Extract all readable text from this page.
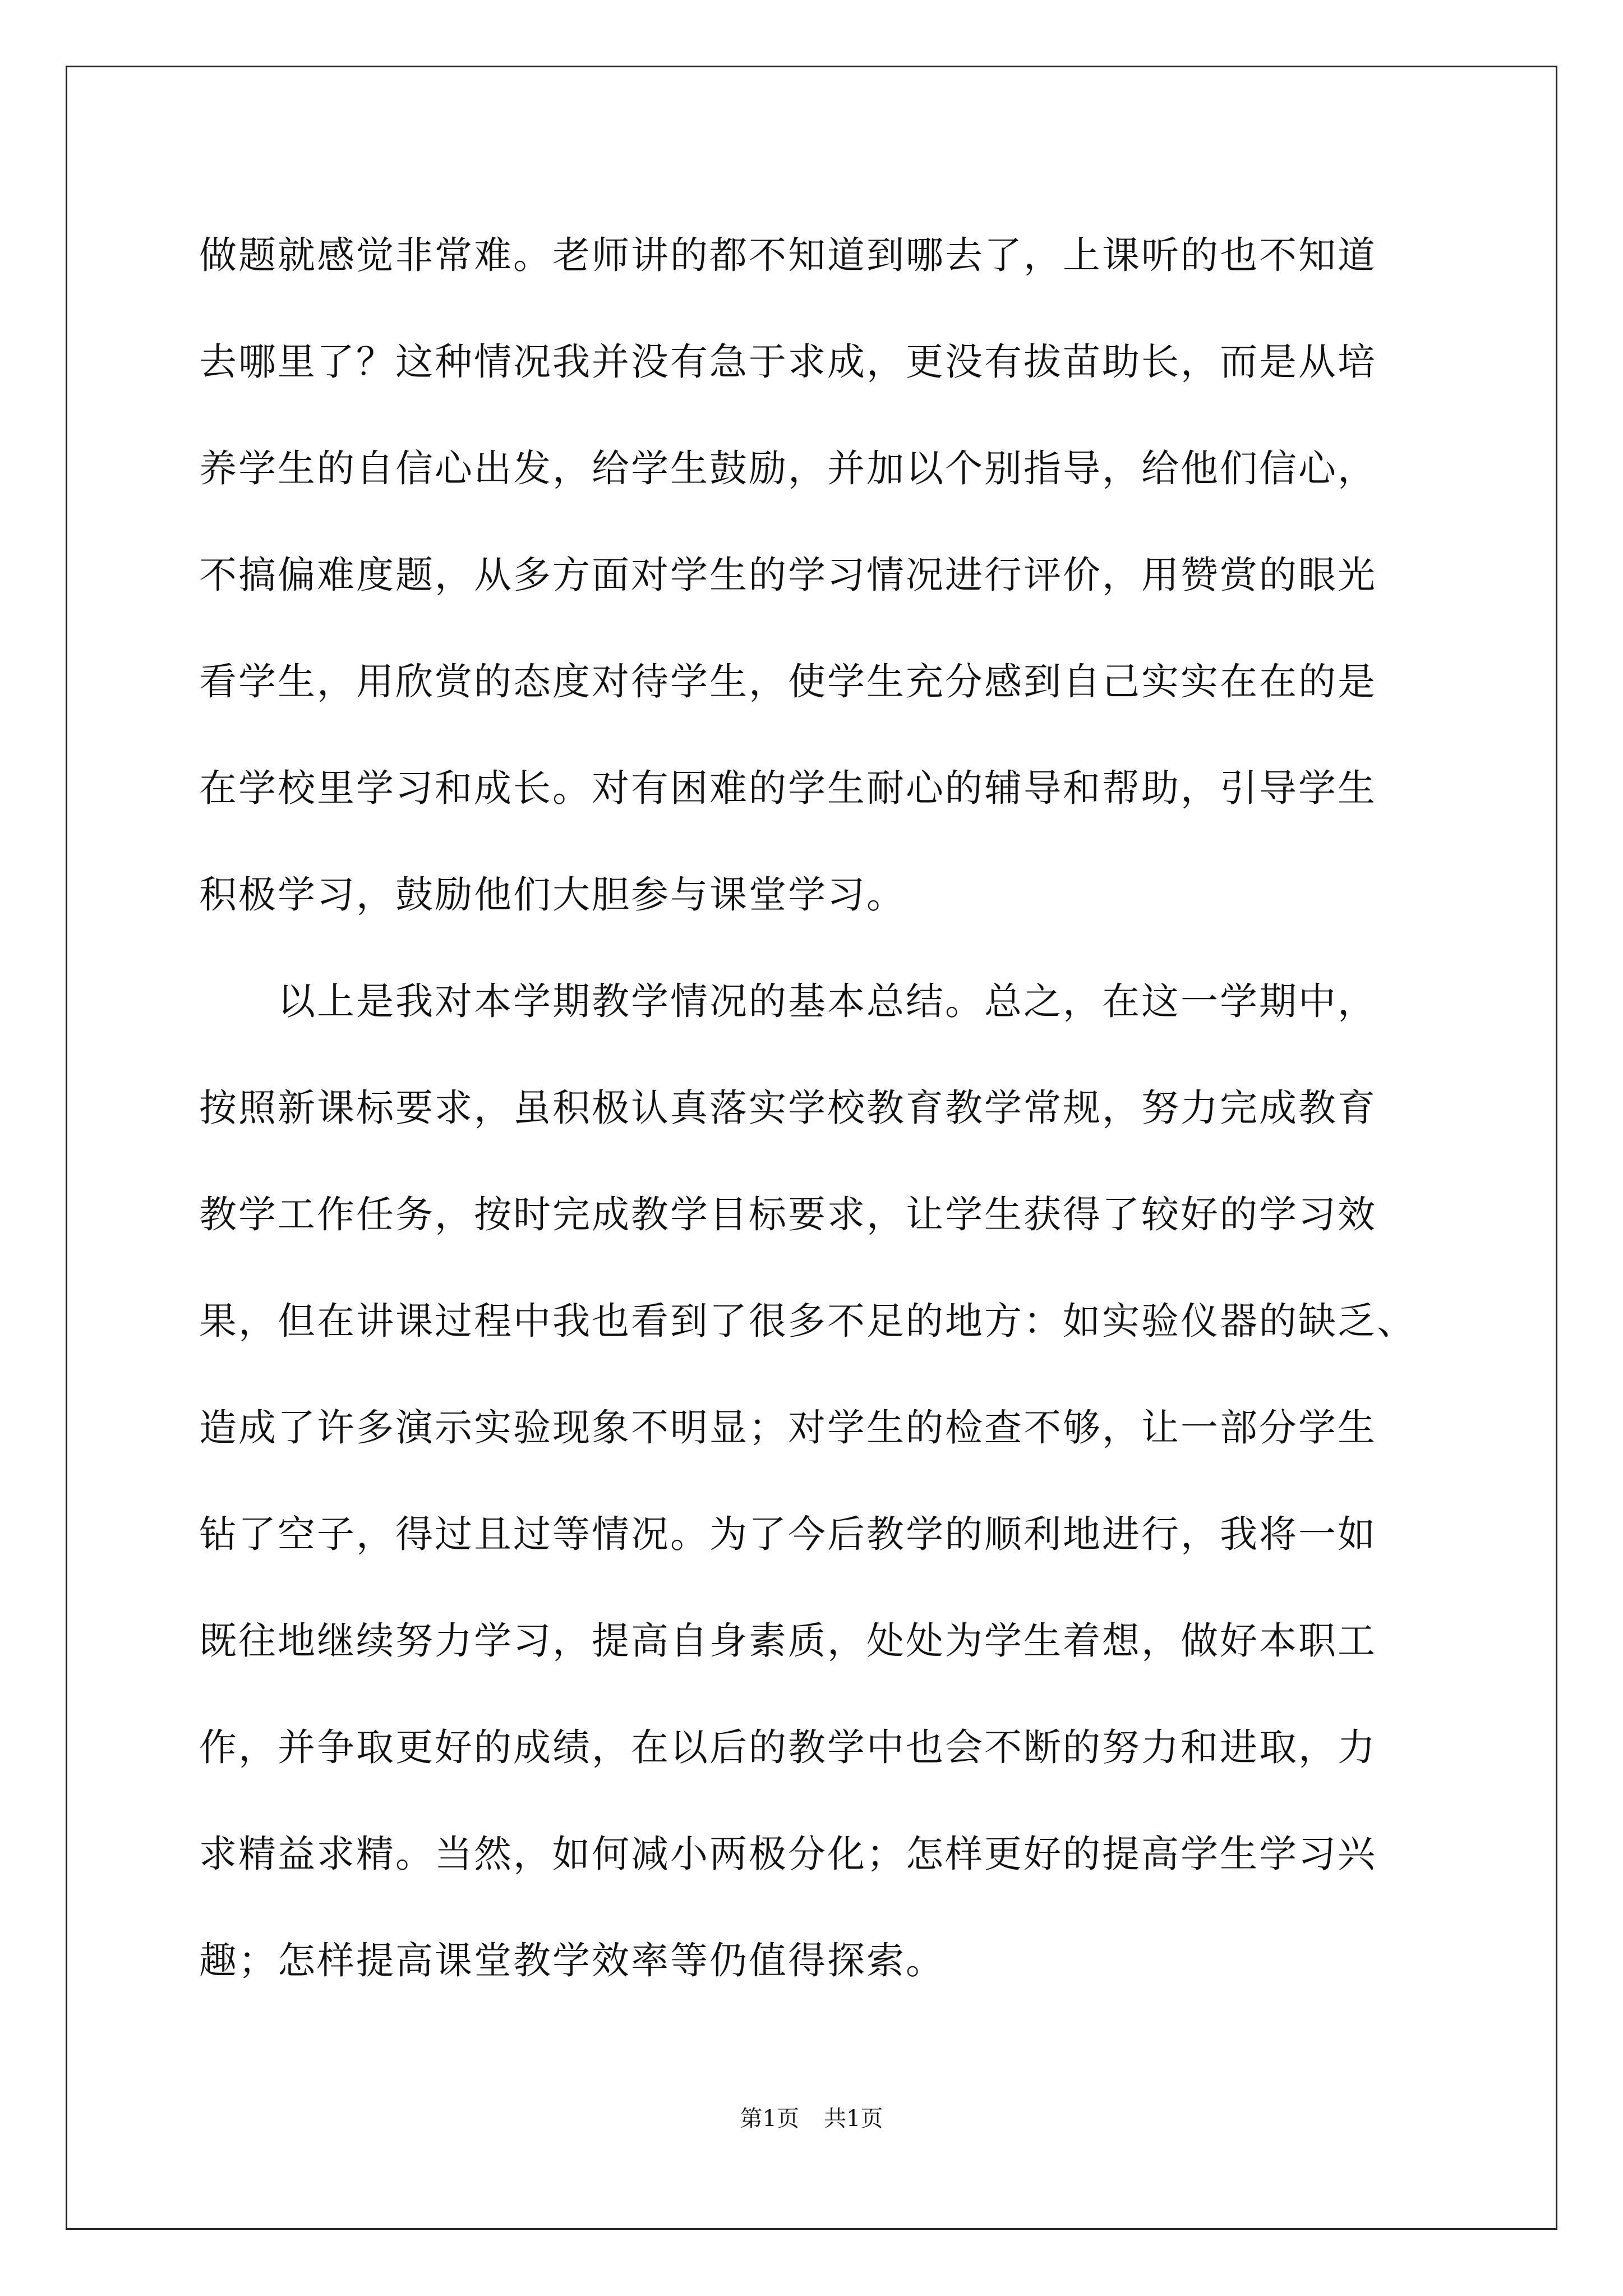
做题就感觉非常难。老师讲的都不知道到哪去了，上课听的也不知道
去哪里了？这种情况我并没有急于求成，更没有拔苗助长，而是从培
养学生的自信心出发，给学生鼓励，并加以个别指导，给他们信心，
不搞偏难度题，从多方面对学生的学习情况进行评价，用赞赏的眼光
看学生，用欣赏的态度对待学生，使学生充分感到自己实实在在的是
在学校里学习和成长。对有困难的学生耐心的辅导和帮助，引导学生
积极学习，鼓励他们大胆参与课堂学习。
以上是我对本学期教学情况的基本总结。总之，在这一学期中，
按照新课标要求，虽积极认真落实学校教育教学常规，努力完成教育
教学工作任务，按时完成教学目标要求，让学生获得了较好的学习效
果，但在讲课过程中我也看到了很多不足的地方：如实验仪器的缺乏、
造成了许多演示实验现象不明显；对学生的检查不够，让一部分学生
钻了空子，得过且过等情况。为了今后教学的顺利地进行，我将一如
既往地继续努力学习，提高自身素质，处处为学生着想，做好本职工
作，并争取更好的成绩，在以后的教学中也会不断的努力和进取，力
求精益求精。当然，如何减小两极分化；怎样更好的提高学生学习兴
趣；怎样提高课堂教学效率等仍值得探索。
第1页 共1页
